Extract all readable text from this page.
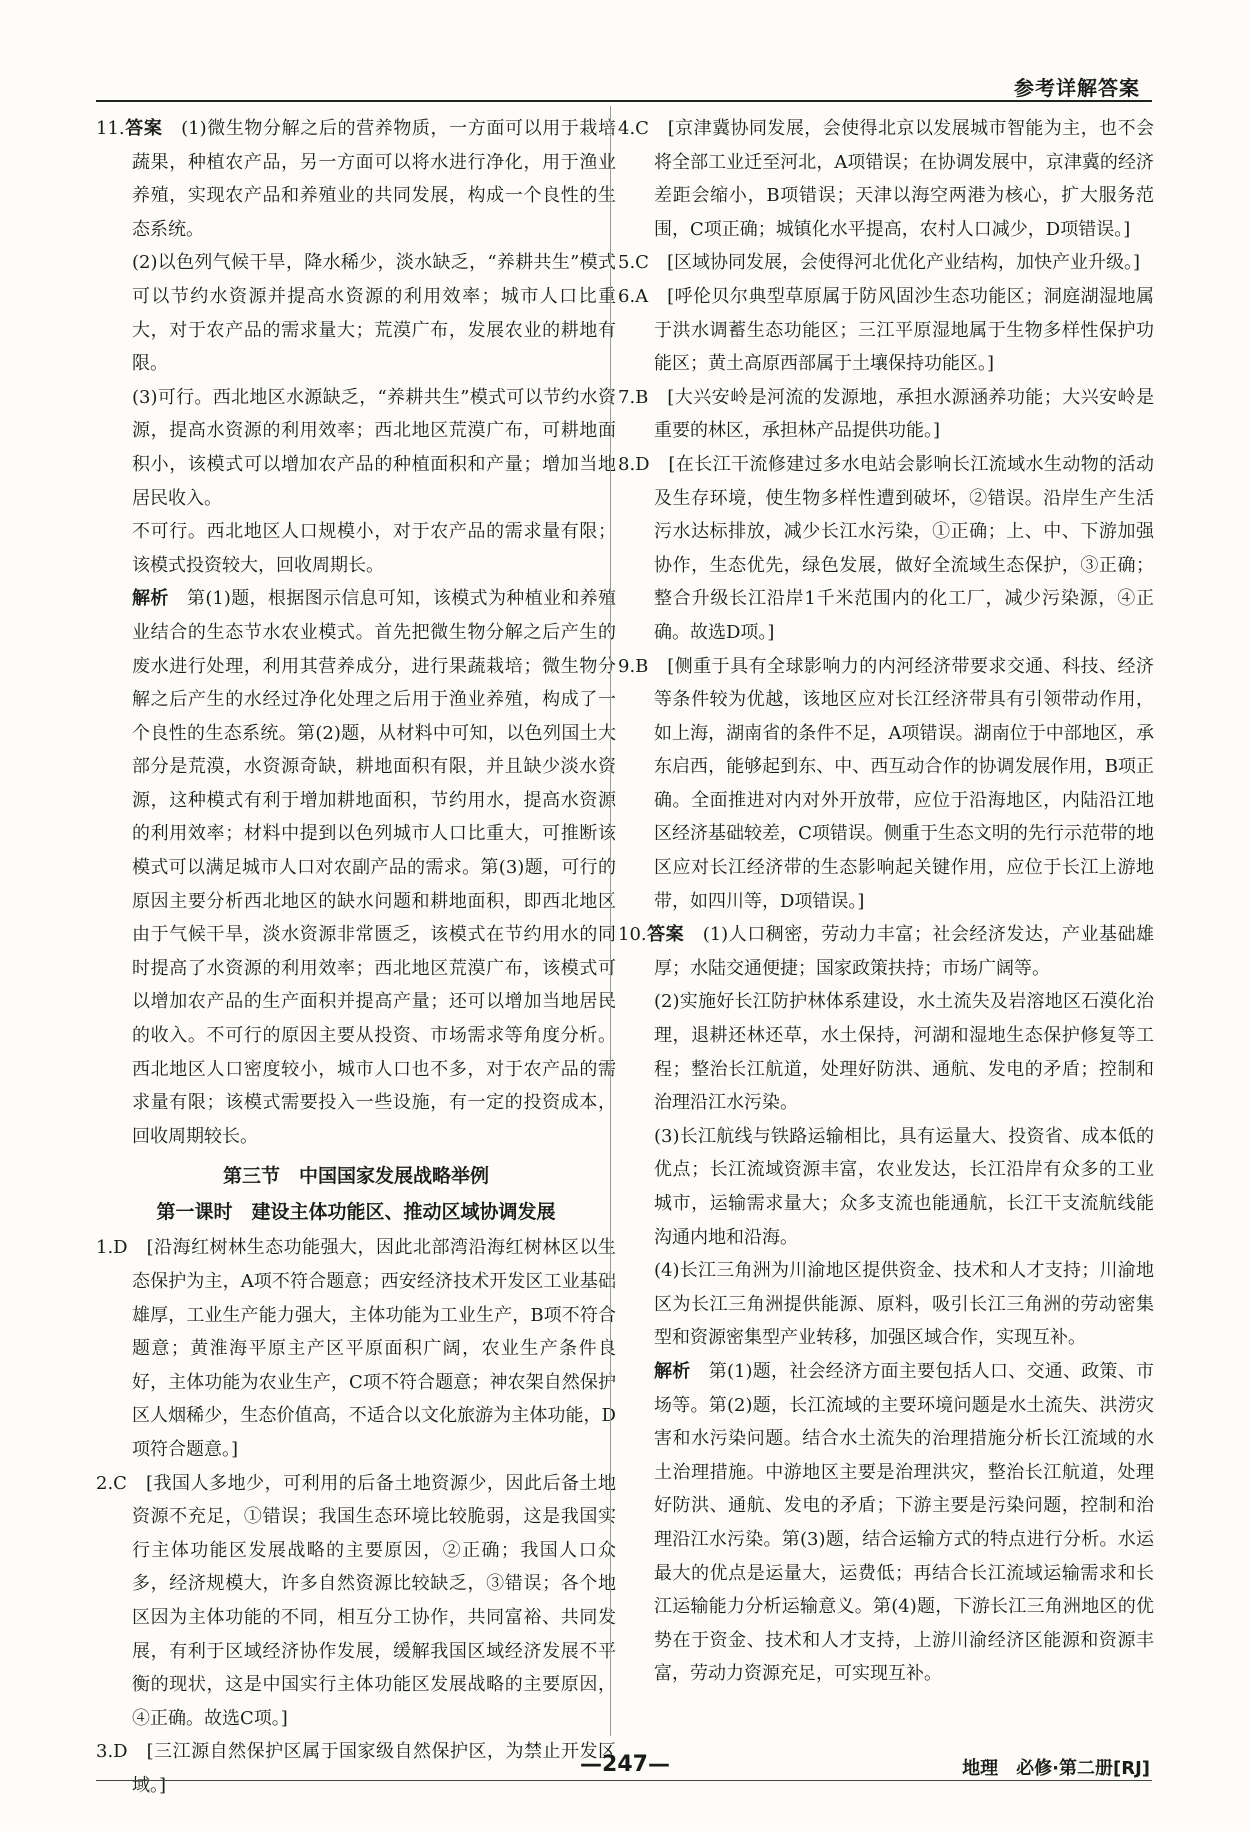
参考详解答案

11.答案　 (1)微生物分解之后的营养物质，一方面可以用于栽培蔬果，种植农产品，另一方面可以将水进行净化，用于渔业养殖，实现农产品和养殖业的共同发展，构成一个良性的生态系统。

(2)以色列气候干旱，降水稀少，淡水缺乏，“养耕共生”模式可以节约水资源并提高水资源的利用效率；城市人口比重大，对于农产品的需求量大；荒漠广布，发展农业的耕地有限。

(3)可行。西北地区水源缺乏，“养耕共生”模式可以节约水资源，提高水资源的利用效率；西北地区荒漠广布，可耕地面积小，该模式可以增加农产品的种植面积和产量；增加当地居民收入。

不可行。西北地区人口规模小，对于农产品的需求量有限；该模式投资较大，回收周期长。

解析　 第(1)题，根据图示信息可知，该模式为种植业和养殖业结合的生态节水农业模式。首先把微生物分解之后产生的废水进行处理，利用其营养成分，进行果蔬栽培；微生物分解之后产生的水经过净化处理之后用于渔业养殖，构成了一个良性的生态系统。第(2)题，从材料中可知，以色列国土大部分是荒漠，水资源奇缺，耕地面积有限，并且缺少淡水资源，这种模式有利于增加耕地面积，节约用水，提高水资源的利用效率；材料中提到以色列城市人口比重大，可推断该模式可以满足城市人口对农副产品的需求。第(3)题，可行的原因主要分析西北地区的缺水问题和耕地面积，即西北地区由于气候干旱，淡水资源非常匮乏，该模式在节约用水的同时提高了水资源的利用效率；西北地区荒漠广布，该模式可以增加农产品的生产面积并提高产量；还可以增加当地居民的收入。不可行的原因主要从投资、市场需求等角度分析。西北地区人口密度较小，城市人口也不多，对于农产品的需求量有限；该模式需要投入一些设施，有一定的投资成本，回收周期较长。

第三节　中国国家发展战略举例
第一课时　建设主体功能区、推动区域协调发展

1.D　[沿海红树林生态功能强大，因此北部湾沿海红树林区以生态保护为主，A项不符合题意；西安经济技术开发区工业基础雄厚，工业生产能力强大，主体功能为工业生产，B项不符合题意；黄淮海平原主产区平原面积广阔，农业生产条件良好，主体功能为农业生产，C项不符合题意；神农架自然保护区人烟稀少，生态价值高，不适合以文化旅游为主体功能，D项符合题意。]

2.C　[我国人多地少，可利用的后备土地资源少，因此后备土地资源不充足，①错误；我国生态环境比较脆弱，这是我国实行主体功能区发展战略的主要原因，②正确；我国人口众多，经济规模大，许多自然资源比较缺乏，③错误；各个地区因为主体功能的不同，相互分工协作，共同富裕、共同发展，有利于区域经济协作发展，缓解我国区域经济发展不平衡的现状，这是中国实行主体功能区发展战略的主要原因，④正确。故选C项。]

3.D　[三江源自然保护区属于国家级自然保护区，为禁止开发区域。]

4.C　[京津冀协同发展，会使得北京以发展城市智能为主，也不会将全部工业迁至河北，A项错误；在协调发展中，京津冀的经济差距会缩小，B项错误；天津以海空两港为核心，扩大服务范围，C项正确；城镇化水平提高，农村人口减少，D项错误。]

5.C　[区域协同发展，会使得河北优化产业结构，加快产业升级。]

6.A　[呼伦贝尔典型草原属于防风固沙生态功能区；洞庭湖湿地属于洪水调蓄生态功能区；三江平原湿地属于生物多样性保护功能区；黄土高原西部属于土壤保持功能区。]

7.B　[大兴安岭是河流的发源地，承担水源涵养功能；大兴安岭是重要的林区，承担林产品提供功能。]

8.D　[在长江干流修建过多水电站会影响长江流域水生动物的活动及生存环境，使生物多样性遭到破坏，②错误。沿岸生产生活污水达标排放，减少长江水污染，①正确；上、中、下游加强协作，生态优先，绿色发展，做好全流域生态保护，③正确；整合升级长江沿岸1千米范围内的化工厂，减少污染源，④正确。故选D项。]

9.B　[侧重于具有全球影响力的内河经济带要求交通、科技、经济等条件较为优越，该地区应对长江经济带具有引领带动作用，如上海，湖南省的条件不足，A项错误。湖南位于中部地区，承东启西，能够起到东、中、西互动合作的协调发展作用，B项正确。全面推进对内对外开放带，应位于沿海地区，内陆沿江地区经济基础较差，C项错误。侧重于生态文明的先行示范带的地区应对长江经济带的生态影响起关键作用，应位于长江上游地带，如四川等，D项错误。]

10.答案　 (1)人口稠密，劳动力丰富；社会经济发达，产业基础雄厚；水陆交通便捷；国家政策扶持；市场广阔等。

(2)实施好长江防护林体系建设，水土流失及岩溶地区石漠化治理，退耕还林还草，水土保持，河湖和湿地生态保护修复等工程；整治长江航道，处理好防洪、通航、发电的矛盾；控制和治理沿江水污染。

(3)长江航线与铁路运输相比，具有运量大、投资省、成本低的优点；长江流域资源丰富，农业发达，长江沿岸有众多的工业城市，运输需求量大；众多支流也能通航，长江干支流航线能沟通内地和沿海。

(4)长江三角洲为川渝地区提供资金、技术和人才支持；川渝地区为长江三角洲提供能源、原料，吸引长江三角洲的劳动密集型和资源密集型产业转移，加强区域合作，实现互补。

解析　 第(1)题，社会经济方面主要包括人口、交通、政策、市场等。第(2)题，长江流域的主要环境问题是水土流失、洪涝灾害和水污染问题。结合水土流失的治理措施分析长江流域的水土治理措施。中游地区主要是治理洪灾，整治长江航道，处理好防洪、通航、发电的矛盾；下游主要是污染问题，控制和治理沿江水污染。第(3)题，结合运输方式的特点进行分析。水运最大的优点是运量大，运费低；再结合长江流域运输需求和长江运输能力分析运输意义。第(4)题，下游长江三角洲地区的优势在于资金、技术和人才支持，上游川渝经济区能源和资源丰富，劳动力资源充足，可实现互补。

—247—	地理　必修·第二册[RJ]
